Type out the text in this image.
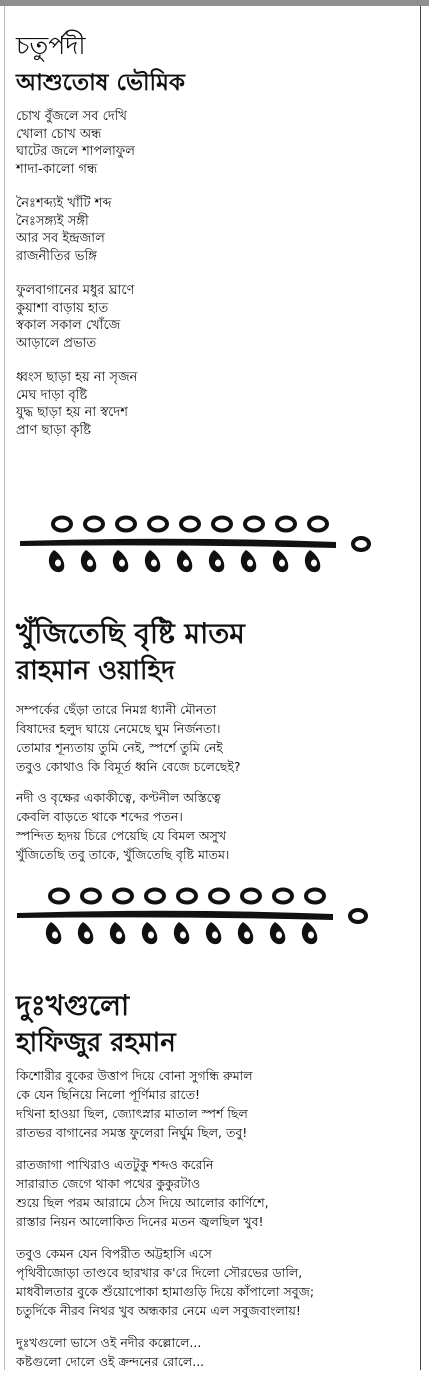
চতুর্পদী
আশুতোষ ভৌমিক
চোখ বুঁজলে সব দেখি
খোলা চোখ অন্ধ
ঘাটের জলে শাপলাফুল
শাদা-কালো গন্ধ
নৈঃশব্দ্যই খাঁটি শব্দ
নৈঃসঙ্গ্যই সঙ্গী
আর সব ইন্দ্রজাল
রাজনীতির ভঙ্গি
ফুলবাগানের মধুর ঘ্রাণে
কুয়াশা বাড়ায় হাত
স্বকাল সকাল খোঁজে
আড়ালে প্রভাত
ধ্বংস ছাড়া হয় না সৃজন
মেঘ দাড়া বৃষ্টি
যুদ্ধ ছাড়া হয় না স্বদেশ
প্রাণ ছাড়া কৃষ্টি
খুঁজিতেছি বৃষ্টি মাতম
রাহমান ওয়াহিদ
সম্পর্কের ছেঁড়া তারে নিমগ্ন ধ্যানী মৌনতা
বিষাদের হলুদ ঘায়ে নেমেছে ঘুম নির্জনতা।
তোমার শূন্যতায় তুমি নেই, স্পর্শে তুমি নেই
তবুও কোথাও কি বিমূর্ত ধ্বনি বেজে চলেছেই?
নদী ও বৃক্ষের একাকীত্বে, কণ্টনীল অস্তিত্বে
কেবলি বাড়তে থাকে শব্দের পতন।
স্পন্দিত হৃদয় চিরে পেয়েছি যে বিমল অসুখ
খুঁজিতেছি তবু তাকে, খুঁজিতেছি বৃষ্টি মাতম।
দুঃখগুলো
হাফিজুর রহমান
কিশোরীর বুকের উত্তাপ দিয়ে বোনা সুগন্ধি রুমাল
কে যেন ছিনিয়ে নিলো পূর্ণিমার রাতে!
দখিনা হাওয়া ছিল, জ্যোৎস্নার মাতাল স্পর্শ ছিল
রাতভর বাগানের সমস্ত ফুলেরা নির্ঘুম ছিল, তবু!
রাতজাগা পাখিরাও এতটুকু শব্দও করেনি
সারারাত জেগে থাকা পথের কুকুরটাও
শুয়ে ছিল পরম আরামে ঠেস দিয়ে আলোর কার্ণিশে,
রাস্তার নিয়ন আলোকিত দিনের মতন জ্বলছিল খুব!
তবুও কেমন যেন বিপরীত অট্টহাসি এসে
পৃথিবীজোড়া তাণ্ডবে ছারখার ক'রে দিলো সৌরভের ডালি,
মাধবীলতার বুকে শুঁয়োপোকা হামাগুড়ি দিয়ে কাঁপালো সবুজ;
চতুর্দিকে নীরব নিথর খুব অন্ধকার নেমে এল সবুজবাংলায়!
দুঃখগুলো ভাসে ওই নদীর কল্লোলে...
কষ্টগুলো দোলে ওই ক্রন্দনের রোলে...
